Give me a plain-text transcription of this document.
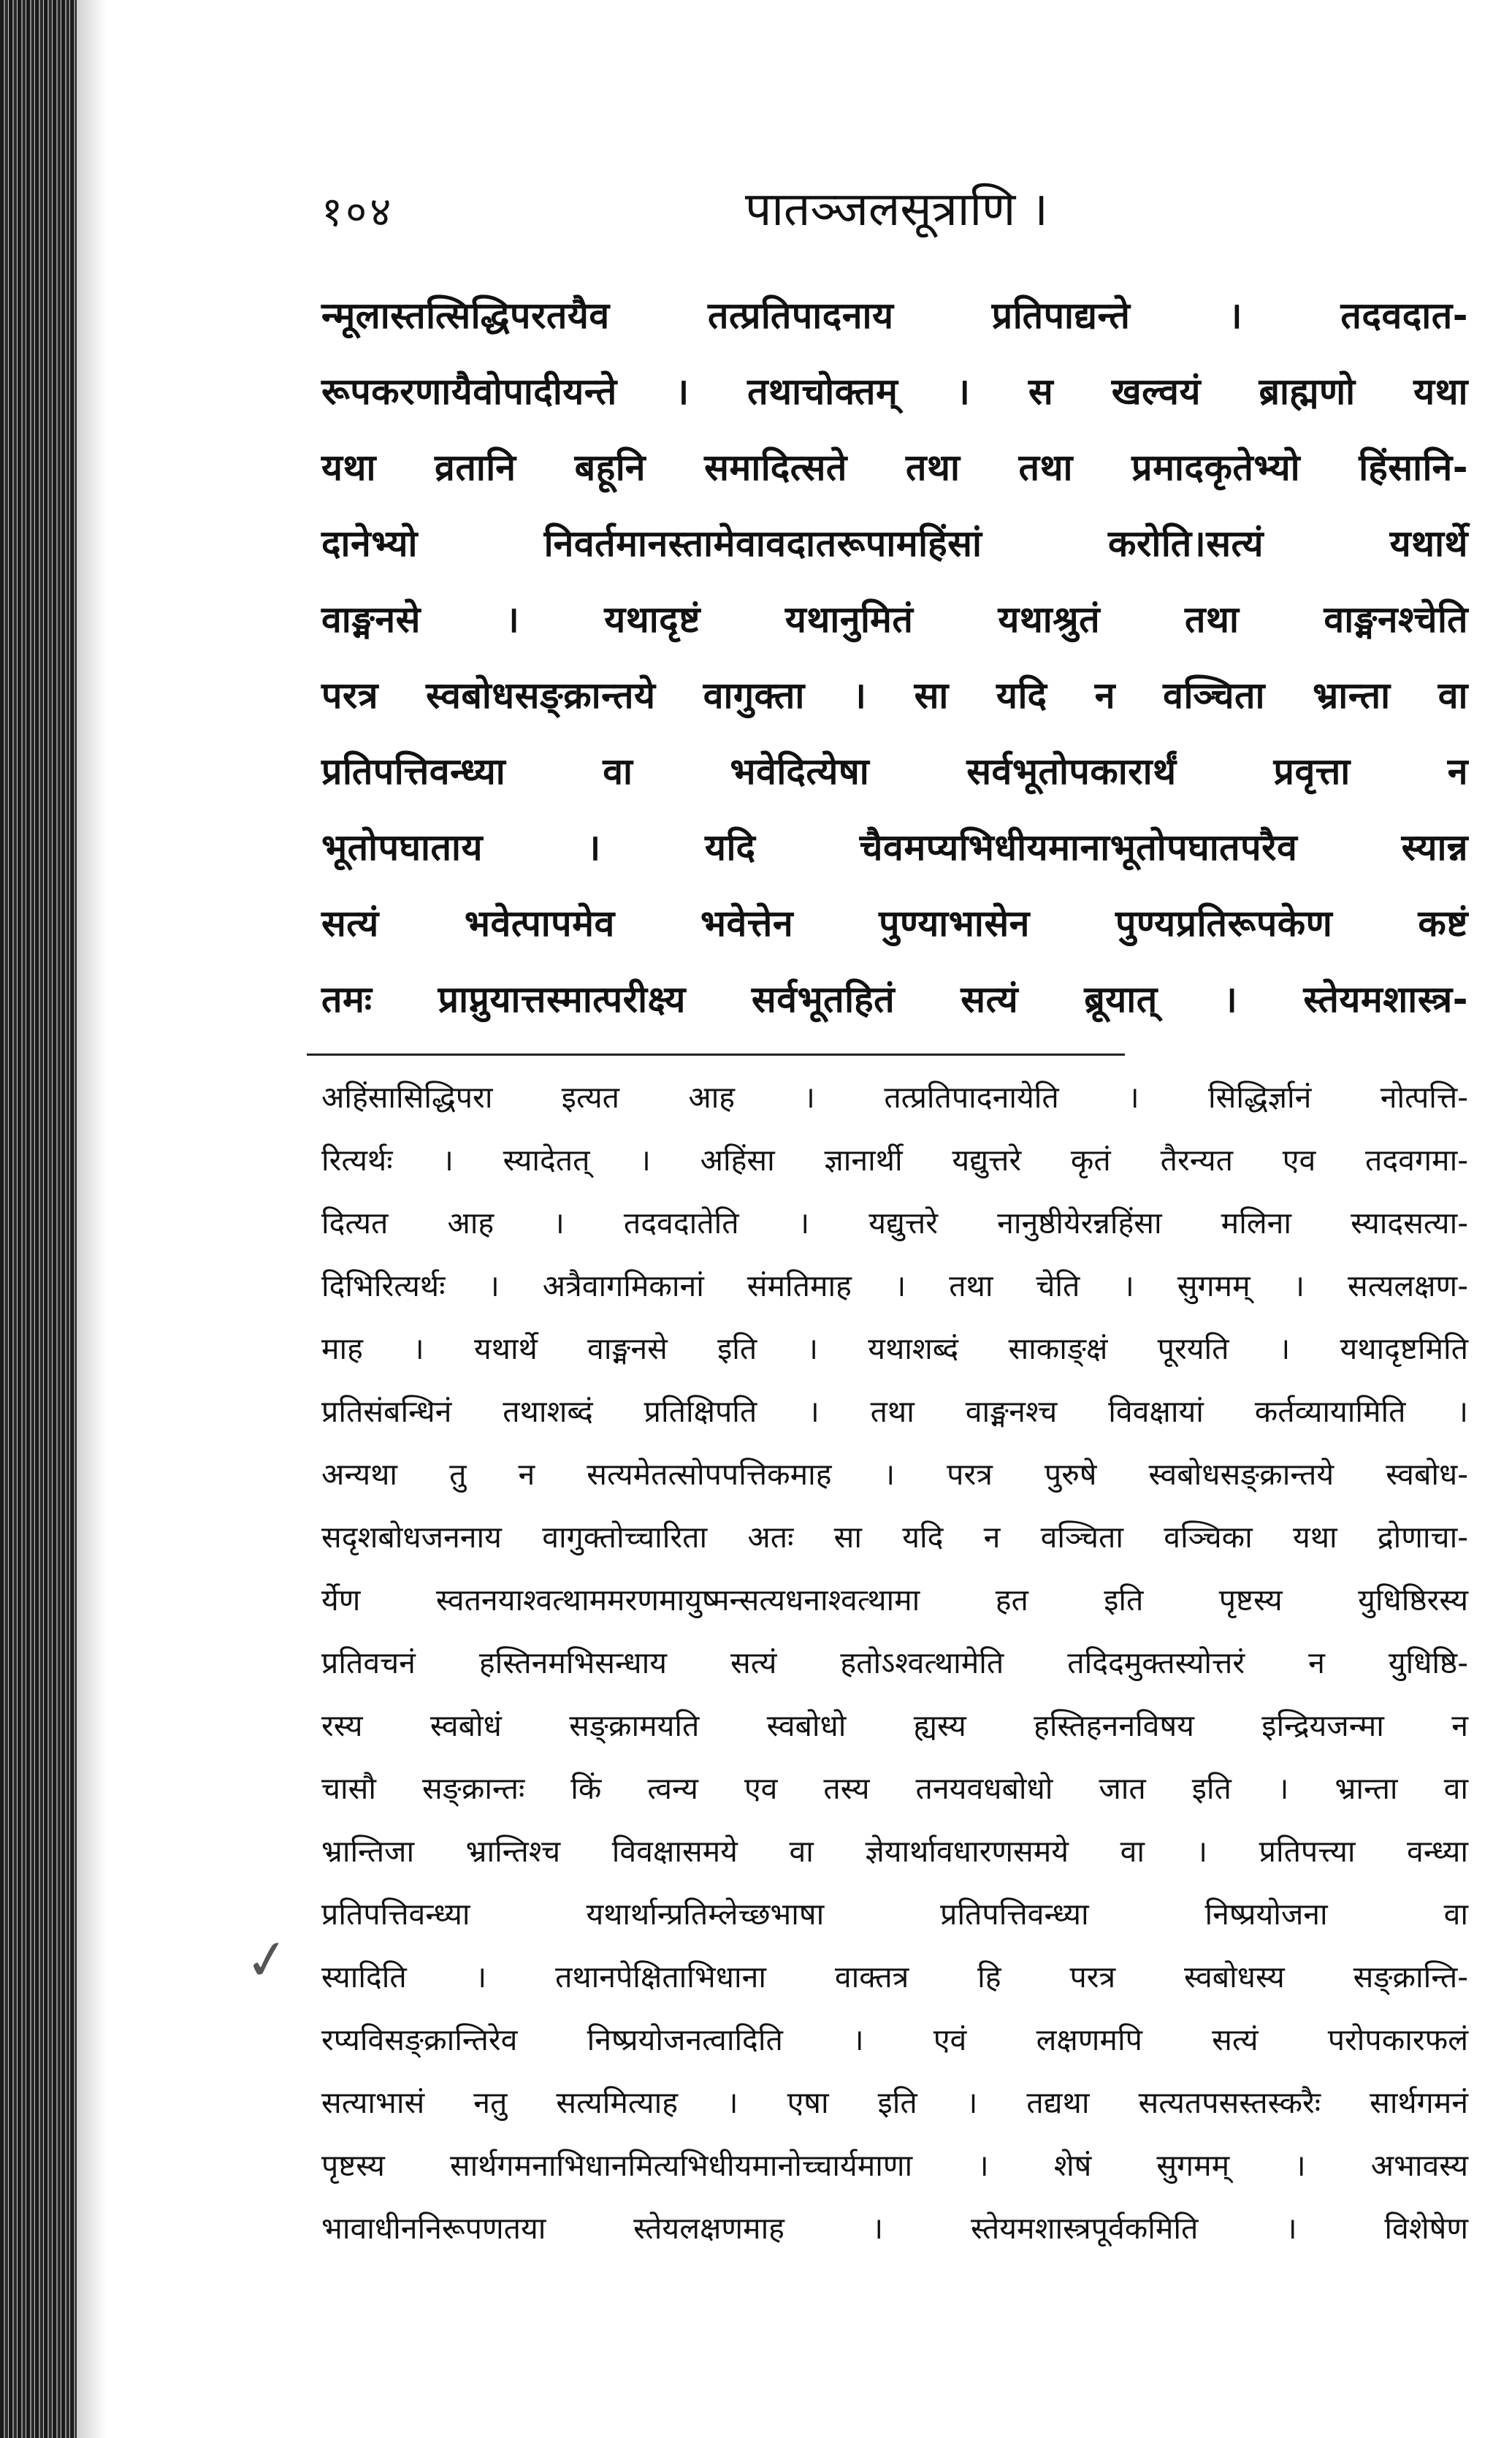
✓
१०४	पातञ्जलसूत्राणि ।
न्मूलास्तत्सिद्धिपरतयैव तत्प्रतिपादनाय प्रतिपाद्यन्ते । तदवदात-
रूपकरणायैवोपादीयन्ते । तथाचोक्तम् । स खल्वयं ब्राह्मणो यथा
यथा व्रतानि बहूनि समादित्सते तथा तथा प्रमादकृतेभ्यो हिंसानि-
दानेभ्यो निवर्तमानस्तामेवावदातरूपामहिंसां करोति।सत्यं यथार्थे
वाङ्मनसे । यथादृष्टं यथानुमितं यथाश्रुतं तथा वाङ्मनश्चेति
परत्र स्वबोधसङ्क्रान्तये वागुक्ता । सा यदि न वञ्चिता भ्रान्ता वा
प्रतिपत्तिवन्ध्या वा भवेदित्येषा सर्वभूतोपकारार्थं प्रवृत्ता न
भूतोपघाताय । यदि चैवमप्यभिधीयमानाभूतोपघातपरैव स्यान्न
सत्यं भवेत्पापमेव भवेत्तेन पुण्याभासेन पुण्यप्रतिरूपकेण कष्टं
तमः प्राप्नुयात्तस्मात्परीक्ष्य सर्वभूतहितं सत्यं ब्रूयात् । स्तेयमशास्त्र-
अहिंसासिद्धिपरा इत्यत आह । तत्प्रतिपादनायेति । सिद्धिर्ज्ञानं नोत्पत्ति-
रित्यर्थः । स्यादेतत् । अहिंसा ज्ञानार्थी यद्युत्तरे कृतं तैरन्यत एव तदवगमा-
दित्यत आह । तदवदातेति । यद्युत्तरे नानुष्ठीयेरन्नहिंसा मलिना स्यादसत्या-
दिभिरित्यर्थः । अत्रैवागमिकानां संमतिमाह । तथा चेति । सुगमम् । सत्यलक्षण-
माह । यथार्थे वाङ्मनसे इति । यथाशब्दं साकाङ्क्षं पूरयति । यथादृष्टमिति
प्रतिसंबन्धिनं तथाशब्दं प्रतिक्षिपति । तथा वाङ्मनश्च विवक्षायां कर्तव्यायामिति ।
अन्यथा तु न सत्यमेतत्सोपपत्तिकमाह । परत्र पुरुषे स्वबोधसङ्क्रान्तये स्वबोध-
सदृशबोधजननाय वागुक्तोच्चारिता अतः सा यदि न वञ्चिता वञ्चिका यथा द्रोणाचा-
र्येण स्वतनयाश्वत्थाममरणमायुष्मन्सत्यधनाश्वत्थामा हत इति पृष्टस्य युधिष्ठिरस्य
प्रतिवचनं हस्तिनमभिसन्धाय सत्यं हतोऽश्वत्थामेति तदिदमुक्तस्योत्तरं न युधिष्ठि-
रस्य स्वबोधं सङ्क्रामयति स्वबोधो ह्यस्य हस्तिहननविषय इन्द्रियजन्मा न
चासौ सङ्क्रान्तः किं त्वन्य एव तस्य तनयवधबोधो जात इति । भ्रान्ता वा
भ्रान्तिजा भ्रान्तिश्च विवक्षासमये वा ज्ञेयार्थावधारणसमये वा । प्रतिपत्त्या वन्ध्या
प्रतिपत्तिवन्ध्या यथार्थान्प्रतिम्लेच्छभाषा प्रतिपत्तिवन्ध्या निष्प्रयोजना वा
स्यादिति । तथानपेक्षिताभिधाना वाक्तत्र हि परत्र स्वबोधस्य सङ्क्रान्ति-
रप्यविसङ्क्रान्तिरेव निष्प्रयोजनत्वादिति । एवं लक्षणमपि सत्यं परोपकारफलं
सत्याभासं नतु सत्यमित्याह । एषा इति । तद्यथा सत्यतपसस्तस्करैः सार्थगमनं
पृष्टस्य सार्थगमनाभिधानमित्यभिधीयमानोच्चार्यमाणा । शेषं सुगमम् । अभावस्य
भावाधीननिरूपणतया स्तेयलक्षणमाह । स्तेयमशास्त्रपूर्वकमिति । विशेषेण
